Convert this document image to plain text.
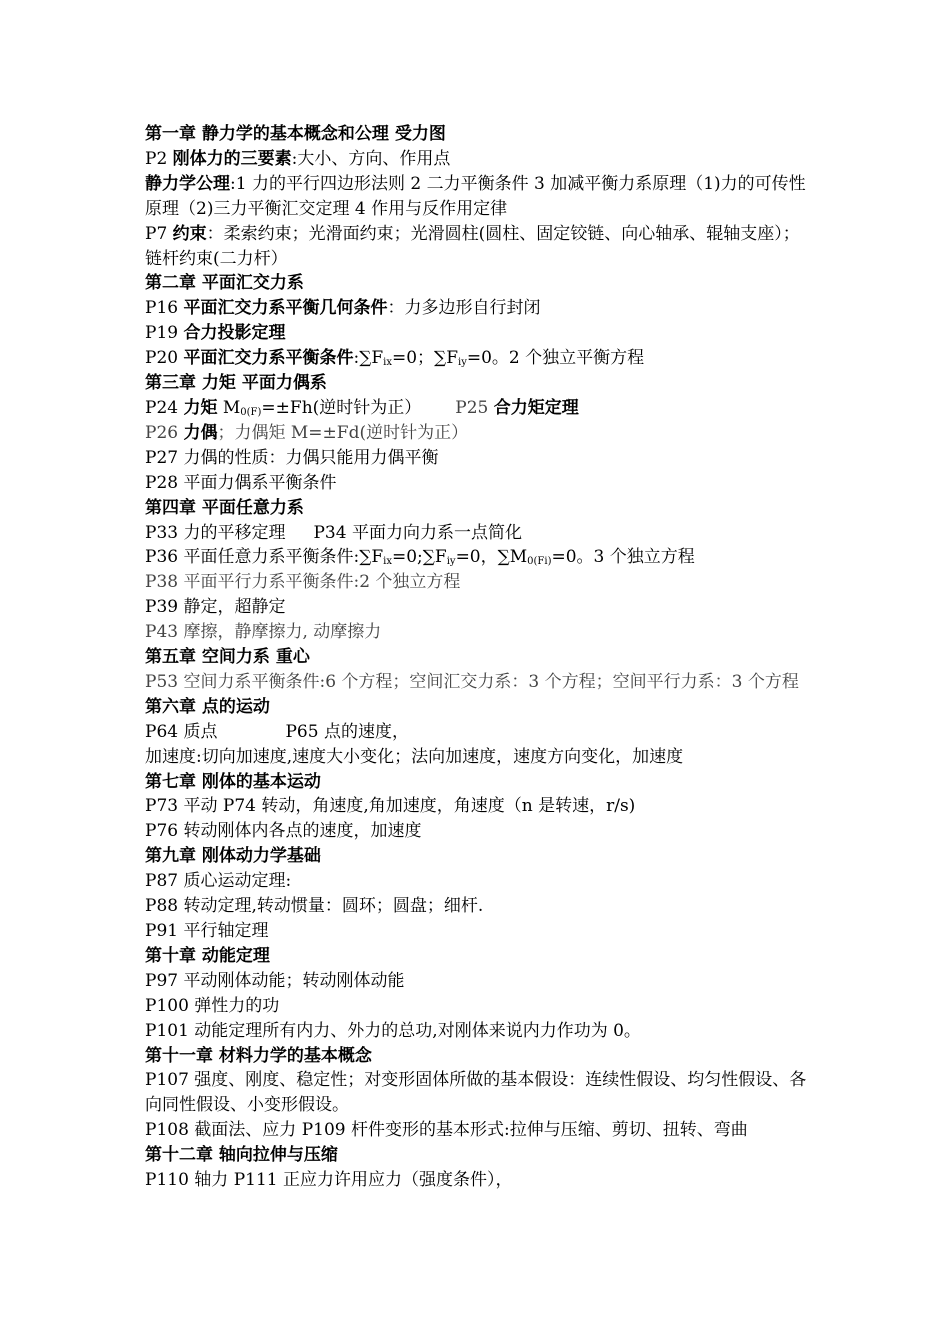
第一章 静力学的基本概念和公理 受力图
P2 刚体力的三要素:大小、方向、作用点
静力学公理:1 力的平行四边形法则 2 二力平衡条件 3 加减平衡力系原理（1)力的可传性原理（2)三力平衡汇交定理 4 作用与反作用定律
P7 约束：柔索约束；光滑面约束；光滑圆柱(圆柱、固定铰链、向心轴承、辊轴支座）；链杆约束(二力杆）
第二章 平面汇交力系
P16 平面汇交力系平衡几何条件：力多边形自行封闭
P19 合力投影定理
P20 平面汇交力系平衡条件$:\sum F_{ix}=0$；$\sum F_{iy}=0$。2 个独立平衡方程
第三章 力矩 平面力偶系
P24 力矩 $M_{0(F)}=\pm Fh$(逆时针为正） P25 合力矩定理
P26 力偶；力偶矩 M=±Fd(逆时针为正）
P27 力偶的性质：力偶只能用力偶平衡
P28 平面力偶系平衡条件
第四章 平面任意力系
P33 力的平移定理 P34 平面力向力系一点简化
P36 平面任意力系平衡条件$:\sum F_{ix}=0;\sum F_{iy}=0$，$\sum M_{0(Fi)}=0$。3 个独立方程
P38 平面平行力系平衡条件:2 个独立方程
P39 静定，超静定
P43 摩擦，静摩擦力, 动摩擦力
第五章 空间力系 重心
P53 空间力系平衡条件:6 个方程；空间汇交力系：3 个方程；空间平行力系：3 个方程
第六章 点的运动
P64 质点	P65 点的速度，
加速度:切向加速度,速度大小变化；法向加速度，速度方向变化，加速度
第七章 刚体的基本运动
P73 平动 P74 转动，角速度,角加速度，角速度（n 是转速，r/s)
P76 转动刚体内各点的速度，加速度
第九章 刚体动力学基础
P87 质心运动定理:
P88 转动定理,转动惯量：圆环；圆盘；细杆.
P91 平行轴定理
第十章 动能定理
P97 平动刚体动能；转动刚体动能
P100 弹性力的功
P101 动能定理所有内力、外力的总功,对刚体来说内力作功为 0。
第十一章 材料力学的基本概念
P107 强度、刚度、稳定性；对变形固体所做的基本假设：连续性假设、均匀性假设、各向同性假设、小变形假设。
P108 截面法、应力 P109 杆件变形的基本形式:拉伸与压缩、剪切、扭转、弯曲
第十二章 轴向拉伸与压缩
P110 轴力 P111 正应力许用应力（强度条件），
